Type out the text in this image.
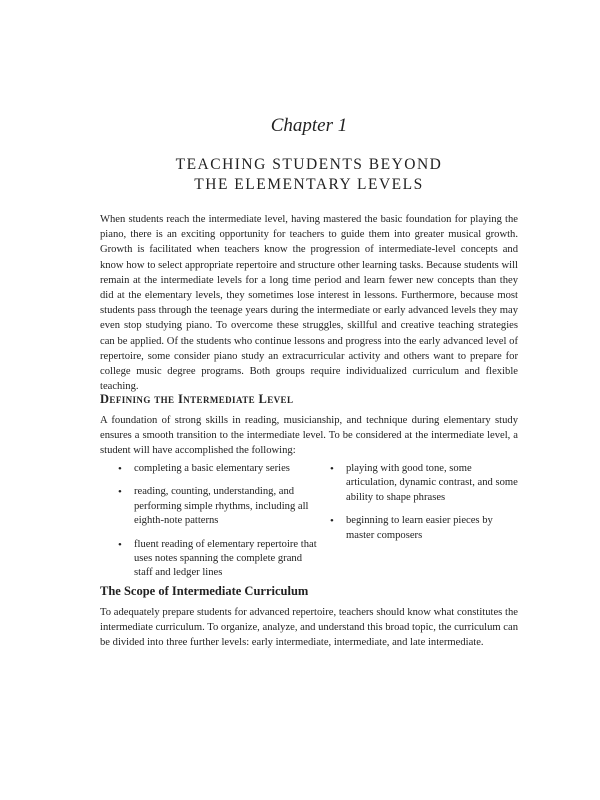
Chapter 1
TEACHING STUDENTS BEYOND
THE ELEMENTARY LEVELS

When students reach the intermediate level, having mastered the basic foundation for playing the piano, there is an exciting opportunity for teachers to guide them into greater musical growth. Growth is facilitated when teachers know the progression of intermediate-level concepts and know how to select appropriate repertoire and structure other learning tasks. Because students will remain at the intermediate levels for a long time period and learn fewer new concepts than they did at the elementary levels, they sometimes lose interest in lessons. Furthermore, because most students pass through the teenage years during the intermediate or early advanced levels they may even stop studying piano. To overcome these struggles, skillful and creative teaching strategies can be applied. Of the students who continue lessons and progress into the early advanced level of repertoire, some consider piano study an extracurricular activity and others want to prepare for college music degree programs. Both groups require individualized curriculum and flexible teaching.

Defining the Intermediate Level

A foundation of strong skills in reading, musicianship, and technique during elementary study ensures a smooth transition to the intermediate level. To be considered at the intermediate level, a student will have accomplished the following:

• completing a basic elementary series
• reading, counting, understanding, and performing simple rhythms, including all eighth-note patterns
• fluent reading of elementary repertoire that uses notes spanning the complete grand staff and ledger lines
• playing with good tone, some articulation, dynamic contrast, and some ability to shape phrases
• beginning to learn easier pieces by master composers
The Scope of Intermediate Curriculum

To adequately prepare students for advanced repertoire, teachers should know what constitutes the intermediate curriculum. To organize, analyze, and understand this broad topic, the curriculum can be divided into three further levels: early intermediate, intermediate, and late intermediate.
